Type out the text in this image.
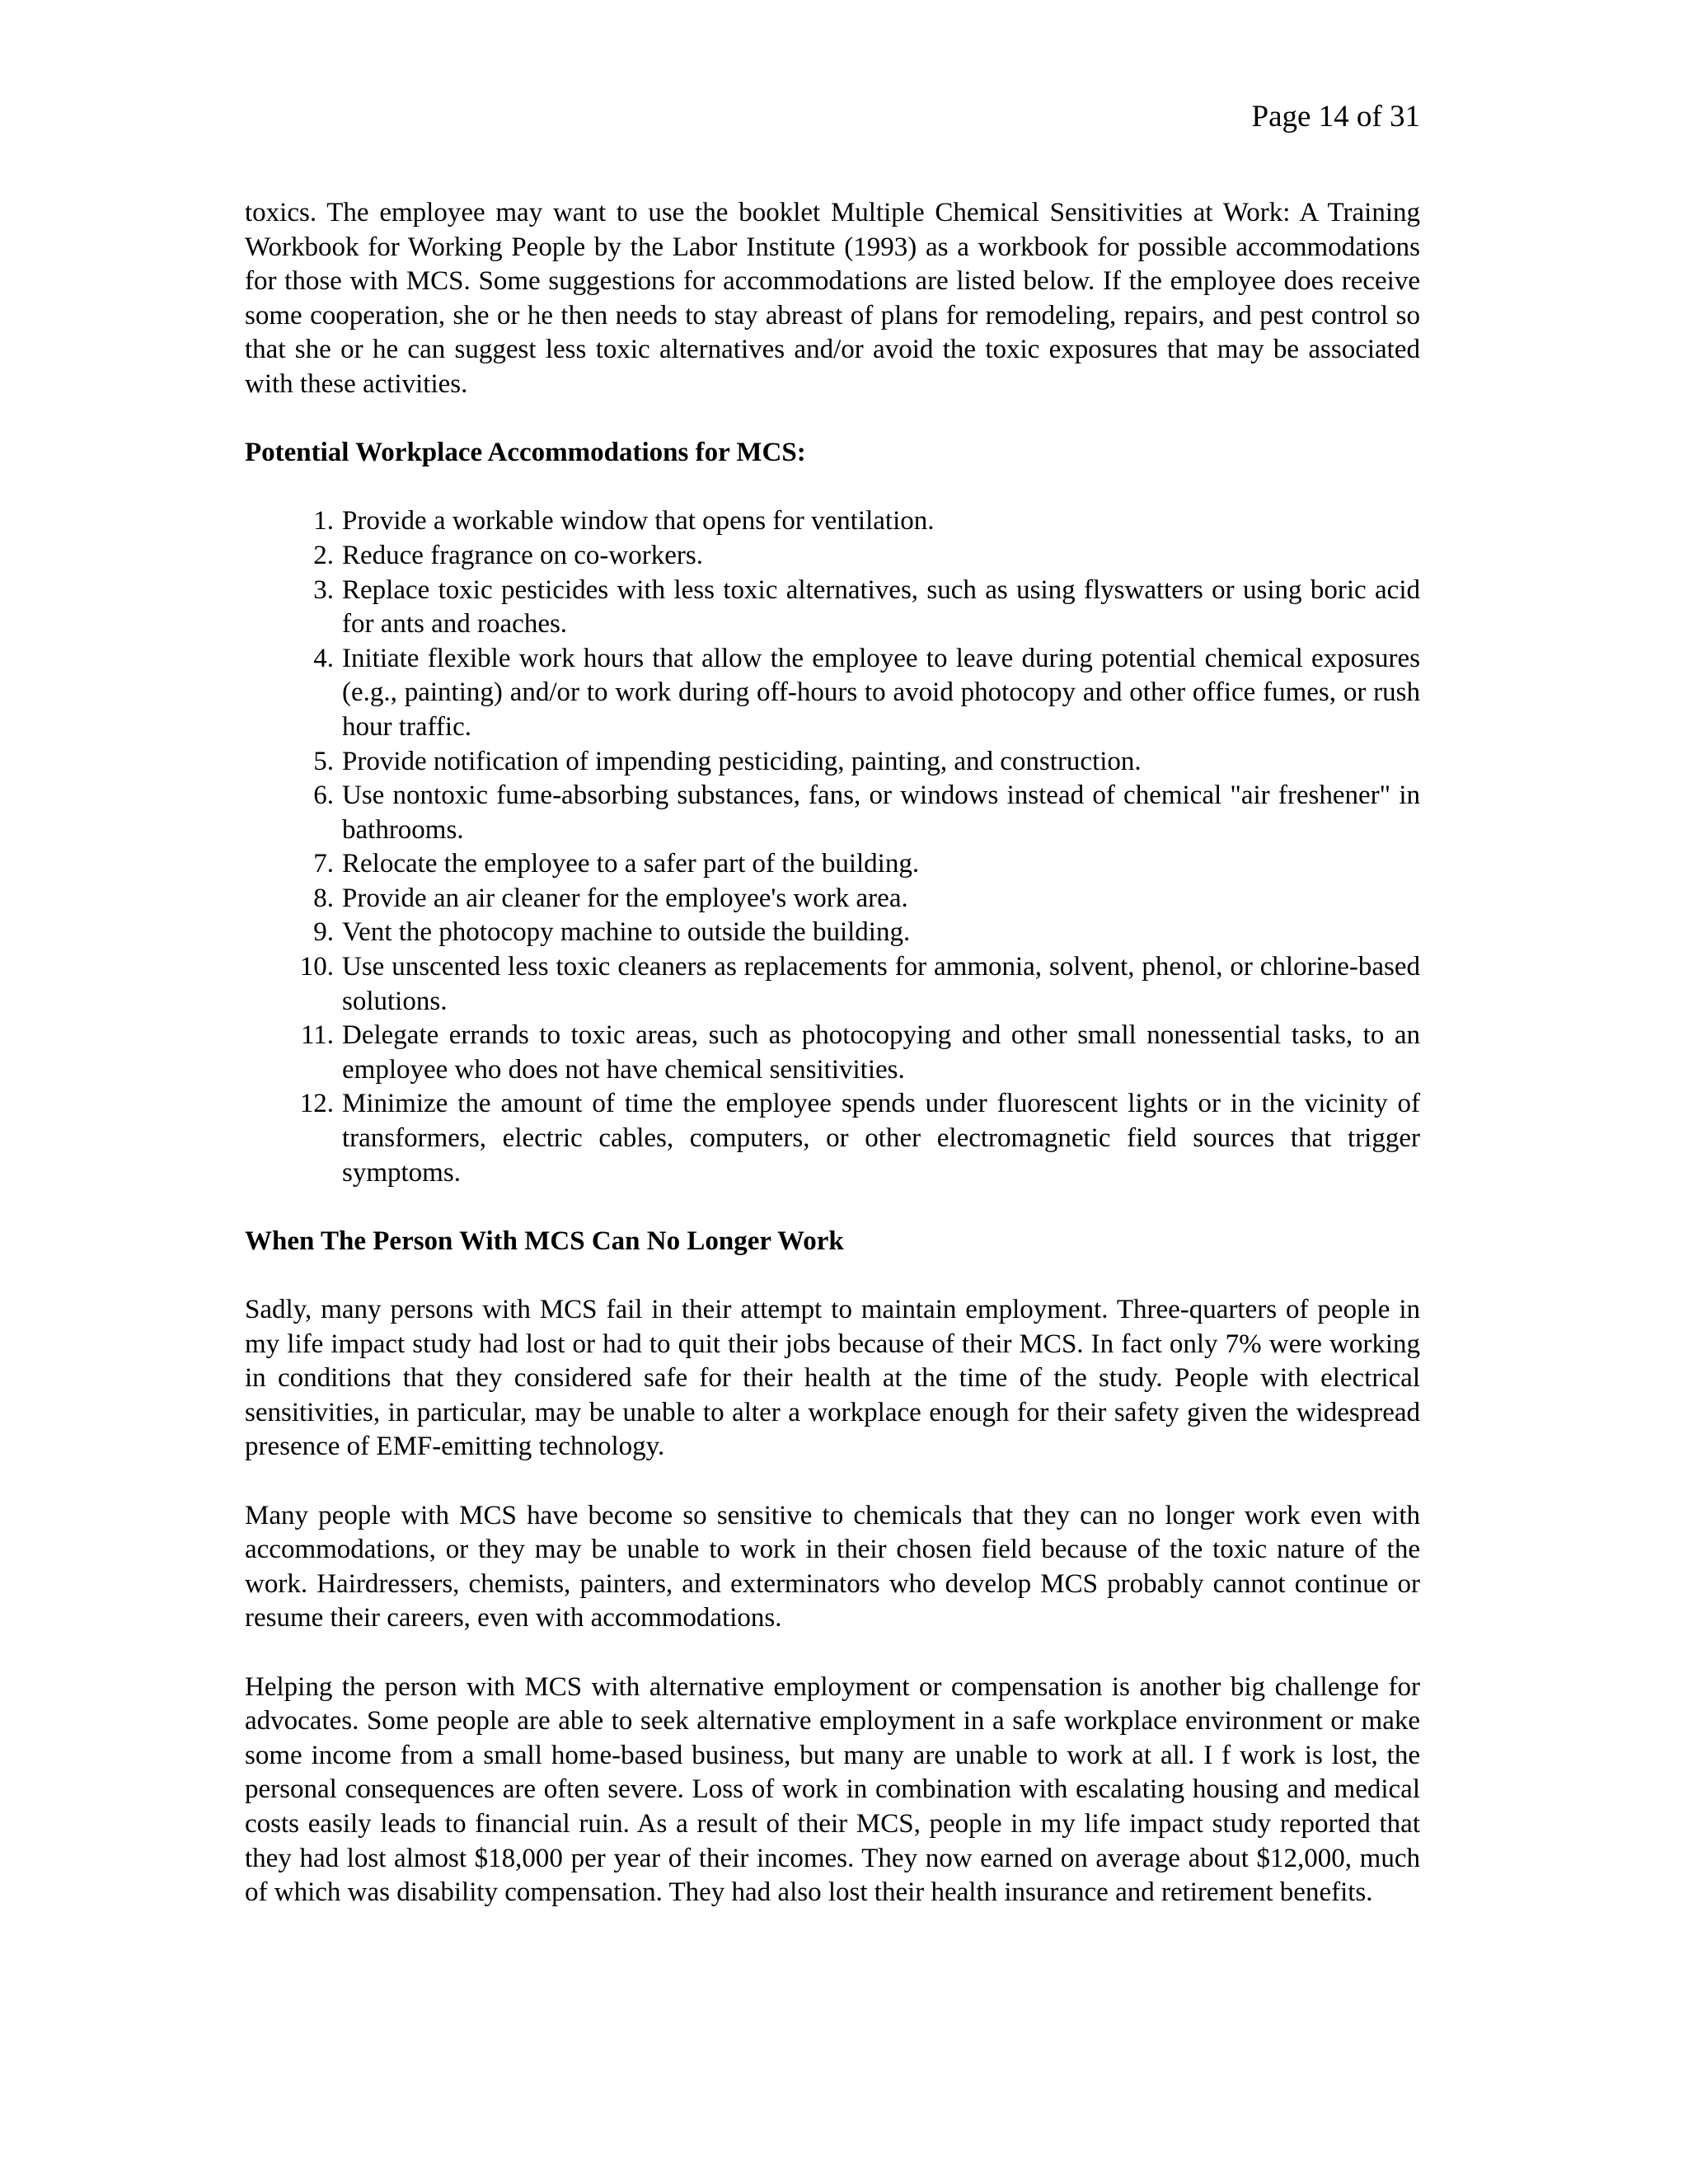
Page 14 of 31

toxics. The employee may want to use the booklet Multiple Chemical Sensitivities at Work: A Training Workbook for Working People by the Labor Institute (1993) as a workbook for possible accommodations for those with MCS. Some suggestions for accommodations are listed below. If the employee does receive some cooperation, she or he then needs to stay abreast of plans for remodeling, repairs, and pest control so that she or he can suggest less toxic alternatives and/or avoid the toxic exposures that may be associated with these activities.

Potential Workplace Accommodations for MCS:
1. Provide a workable window that opens for ventilation.
2. Reduce fragrance on co-workers.
3. Replace toxic pesticides with less toxic alternatives, such as using flyswatters or using boric acid for ants and roaches.
4. Initiate flexible work hours that allow the employee to leave during potential chemical exposures (e.g., painting) and/or to work during off-hours to avoid photocopy and other office fumes, or rush hour traffic.
5. Provide notification of impending pesticiding, painting, and construction.
6. Use nontoxic fume-absorbing substances, fans, or windows instead of chemical "air freshener" in bathrooms.
7. Relocate the employee to a safer part of the building.
8. Provide an air cleaner for the employee's work area.
9. Vent the photocopy machine to outside the building.
10. Use unscented less toxic cleaners as replacements for ammonia, solvent, phenol, or chlorine-based solutions.
11. Delegate errands to toxic areas, such as photocopying and other small nonessential tasks, to an employee who does not have chemical sensitivities.
12. Minimize the amount of time the employee spends under fluorescent lights or in the vicinity of transformers, electric cables, computers, or other electromagnetic field sources that trigger symptoms.
When The Person With MCS Can No Longer Work

Sadly, many persons with MCS fail in their attempt to maintain employment. Three-quarters of people in my life impact study had lost or had to quit their jobs because of their MCS. In fact only 7% were working in conditions that they considered safe for their health at the time of the study. People with electrical sensitivities, in particular, may be unable to alter a workplace enough for their safety given the widespread presence of EMF-emitting technology.

Many people with MCS have become so sensitive to chemicals that they can no longer work even with accommodations, or they may be unable to work in their chosen field because of the toxic nature of the work. Hairdressers, chemists, painters, and exterminators who develop MCS probably cannot continue or resume their careers, even with accommodations.

Helping the person with MCS with alternative employment or compensation is another big challenge for advocates. Some people are able to seek alternative employment in a safe workplace environment or make some income from a small home-based business, but many are unable to work at all. I f work is lost, the personal consequences are often severe. Loss of work in combination with escalating housing and medical costs easily leads to financial ruin. As a result of their MCS, people in my life impact study reported that they had lost almost $18,000 per year of their incomes. They now earned on average about $12,000, much of which was disability compensation. They had also lost their health insurance and retirement benefits.
